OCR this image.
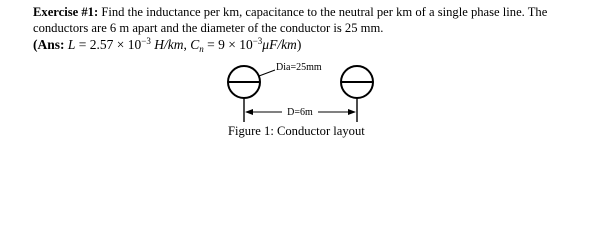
Exercise #1: Find the inductance per km, capacitance to the neutral per km of a single phase line. The

conductors are 6 m apart and the diameter of the conductor is 25 mm.

(Ans: $L = 2.57 \times 10^{-3}$ H/km, $C_n = 9 \times 10^{-3}\mu F/km$)

Dia=25mm
D=6m
Figure 1: Conductor layout
